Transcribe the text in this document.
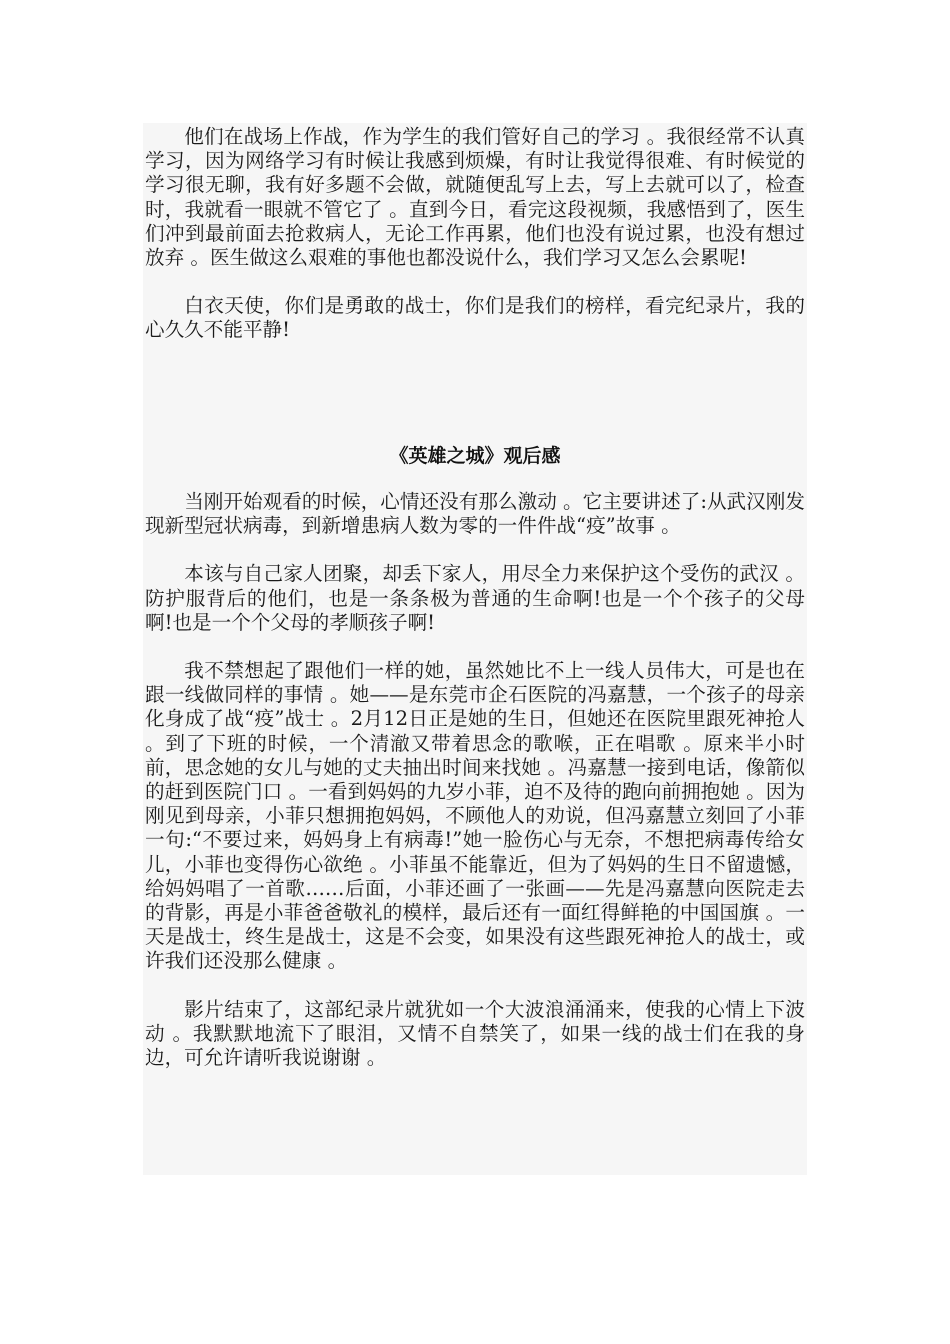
他们在战场上作战，作为学生的我们管好自己的学习 。我很经常不认真学习，因为网络学习有时候让我感到烦燥，有时让我觉得很难、有时候觉的学习很无聊，我有好多题不会做，就随便乱写上去，写上去就可以了，检查时，我就看一眼就不管它了 。直到今日，看完这段视频，我感悟到了，医生们冲到最前面去抢救病人，无论工作再累，他们也没有说过累，也没有想过放弃 。医生做这么艰难的事他也都没说什么，我们学习又怎么会累呢!

白衣天使，你们是勇敢的战士，你们是我们的榜样，看完纪录片，我的心久久不能平静!

《英雄之城》观后感

当刚开始观看的时候，心情还没有那么激动 。它主要讲述了:从武汉刚发现新型冠状病毒，到新增患病人数为零的一件件战“疫”故事 。

本该与自己家人团聚，却丢下家人，用尽全力来保护这个受伤的武汉 。防护服背后的他们，也是一条条极为普通的生命啊!也是一个个孩子的父母啊!也是一个个父母的孝顺孩子啊!

我不禁想起了跟他们一样的她，虽然她比不上一线人员伟大，可是也在跟一线做同样的事情 。她——是东莞市企石医院的冯嘉慧，一个孩子的母亲化身成了战“疫”战士 。2月12日正是她的生日，但她还在医院里跟死神抢人 。到了下班的时候，一个清澈又带着思念的歌喉，正在唱歌 。原来半小时前，思念她的女儿与她的丈夫抽出时间来找她 。冯嘉慧一接到电话，像箭似的赶到医院门口 。一看到妈妈的九岁小菲，迫不及待的跑向前拥抱她 。因为刚见到母亲，小菲只想拥抱妈妈，不顾他人的劝说，但冯嘉慧立刻回了小菲一句:“不要过来，妈妈身上有病毒!”她一脸伤心与无奈，不想把病毒传给女儿，小菲也变得伤心欲绝 。小菲虽不能靠近，但为了妈妈的生日不留遗憾，给妈妈唱了一首歌……后面，小菲还画了一张画——先是冯嘉慧向医院走去的背影，再是小菲爸爸敬礼的模样，最后还有一面红得鲜艳的中国国旗 。一天是战士，终生是战士，这是不会变，如果没有这些跟死神抢人的战士，或许我们还没那么健康 。

影片结束了，这部纪录片就犹如一个大波浪涌涌来，使我的心情上下波动 。我默默地流下了眼泪，又情不自禁笑了，如果一线的战士们在我的身边，可允许请听我说谢谢 。
